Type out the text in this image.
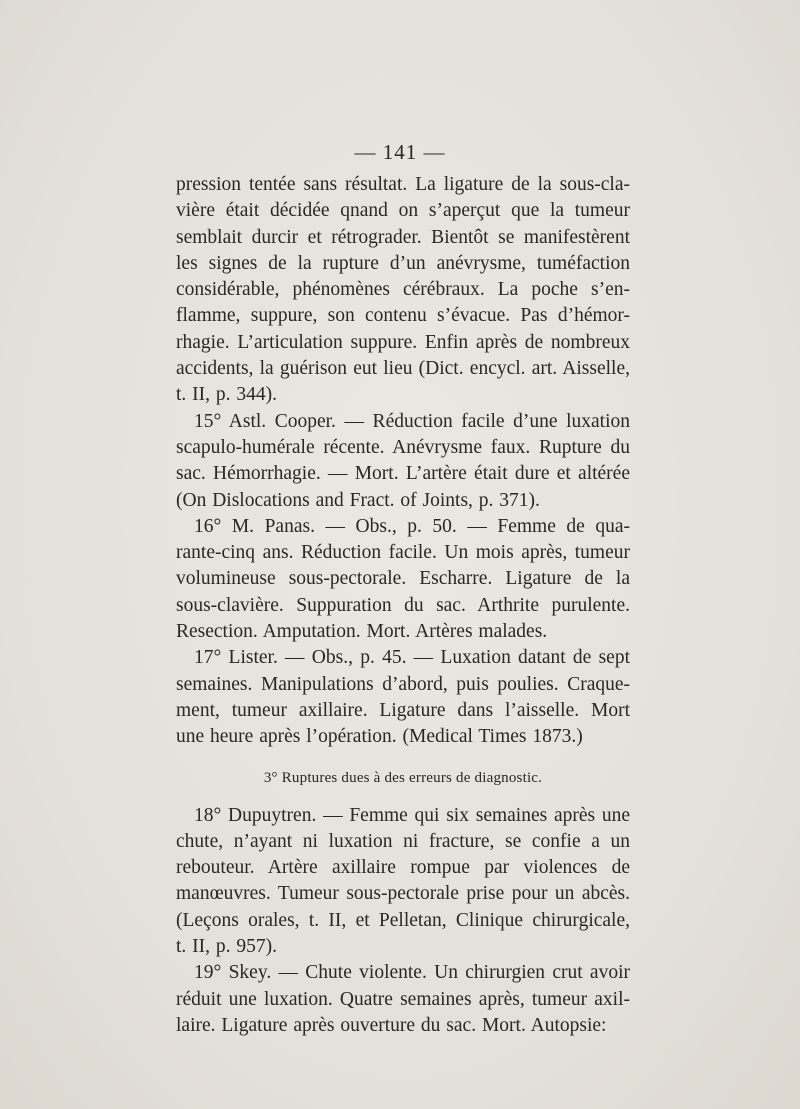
— 141 —
pression tentée sans résultat. La ligature de la sous-cla-
vière était décidée qnand on s’aperçut que la tumeur
semblait durcir et rétrograder. Bientôt se manifestèrent
les signes de la rupture d’un anévrysme, tuméfaction
considérable, phénomènes cérébraux. La poche s’en-
flamme, suppure, son contenu s’évacue. Pas d’hémor-
rhagie. L’articulation suppure. Enfin après de nombreux
accidents, la guérison eut lieu (Dict. encycl. art. Aisselle,
t. II, p. 344).
15° Astl. Cooper. — Réduction facile d’une luxation
scapulo-humérale récente. Anévrysme faux. Rupture du
sac. Hémorrhagie. — Mort. L’artère était dure et altérée
(On Dislocations and Fract. of Joints, p. 371).
16° M. Panas. — Obs., p. 50. — Femme de qua-
rante-cinq ans. Réduction facile. Un mois après, tumeur
volumineuse sous-pectorale. Escharre. Ligature de la
sous-clavière. Suppuration du sac. Arthrite purulente.
Resection. Amputation. Mort. Artères malades.
17° Lister. — Obs., p. 45. — Luxation datant de sept
semaines. Manipulations d’abord, puis poulies. Craque-
ment, tumeur axillaire. Ligature dans l’aisselle. Mort
une heure après l’opération. (Medical Times 1873.)
3° Ruptures dues à des erreurs de diagnostic.
18° Dupuytren. — Femme qui six semaines après une
chute, n’ayant ni luxation ni fracture, se confie a un
rebouteur. Artère axillaire rompue par violences de
manœuvres. Tumeur sous-pectorale prise pour un abcès.
(Leçons orales, t. II, et Pelletan, Clinique chirurgicale,
t. II, p. 957).
19° Skey. — Chute violente. Un chirurgien crut avoir
réduit une luxation. Quatre semaines après, tumeur axil-
laire. Ligature après ouverture du sac. Mort. Autopsie:
